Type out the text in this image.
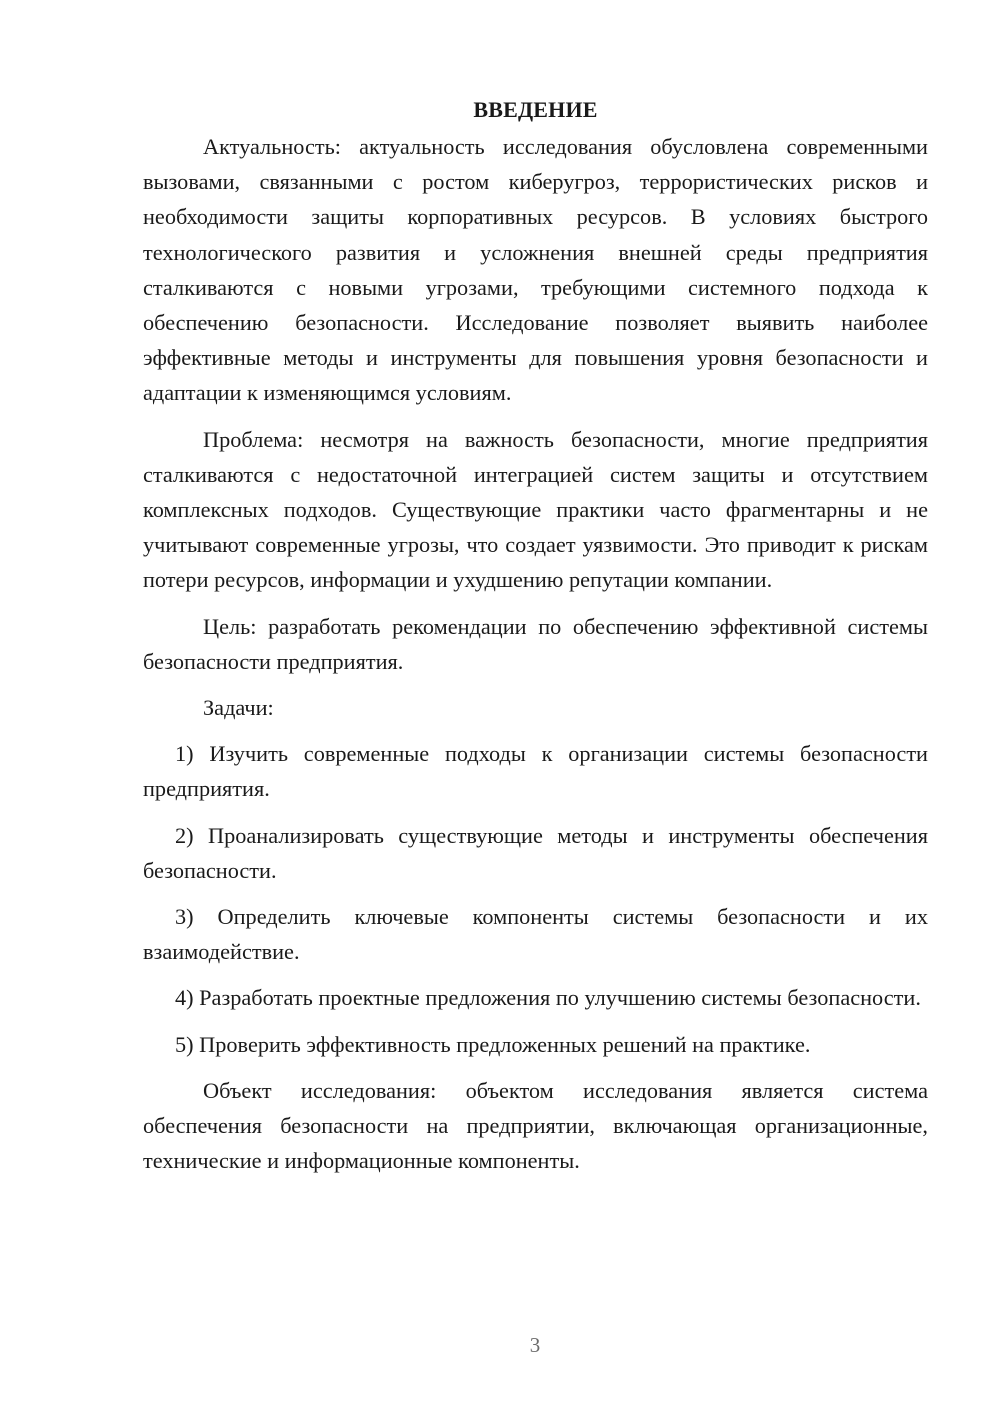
ВВЕДЕНИЕ

Актуальность: актуальность исследования обусловлена современными вызовами, связанными с ростом киберугроз, террористических рисков и необходимости защиты корпоративных ресурсов. В условиях быстрого технологического развития и усложнения внешней среды предприятия сталкиваются с новыми угрозами, требующими системного подхода к обеспечению безопасности. Исследование позволяет выявить наиболее эффективные методы и инструменты для повышения уровня безопасности и адаптации к изменяющимся условиям.

Проблема: несмотря на важность безопасности, многие предприятия сталкиваются с недостаточной интеграцией систем защиты и отсутствием комплексных подходов. Существующие практики часто фрагментарны и не учитывают современные угрозы, что создает уязвимости. Это приводит к рискам потери ресурсов, информации и ухудшению репутации компании.

Цель: разработать рекомендации по обеспечению эффективной системы безопасности предприятия.

Задачи:

1) Изучить современные подходы к организации системы безопасности предприятия.

2) Проанализировать существующие методы и инструменты обеспечения безопасности.

3) Определить ключевые компоненты системы безопасности и их взаимодействие.

4) Разработать проектные предложения по улучшению системы безопасности.

5) Проверить эффективность предложенных решений на практике.

Объект исследования: объектом исследования является система обеспечения безопасности на предприятии, включающая организационные, технические и информационные компоненты.

3
